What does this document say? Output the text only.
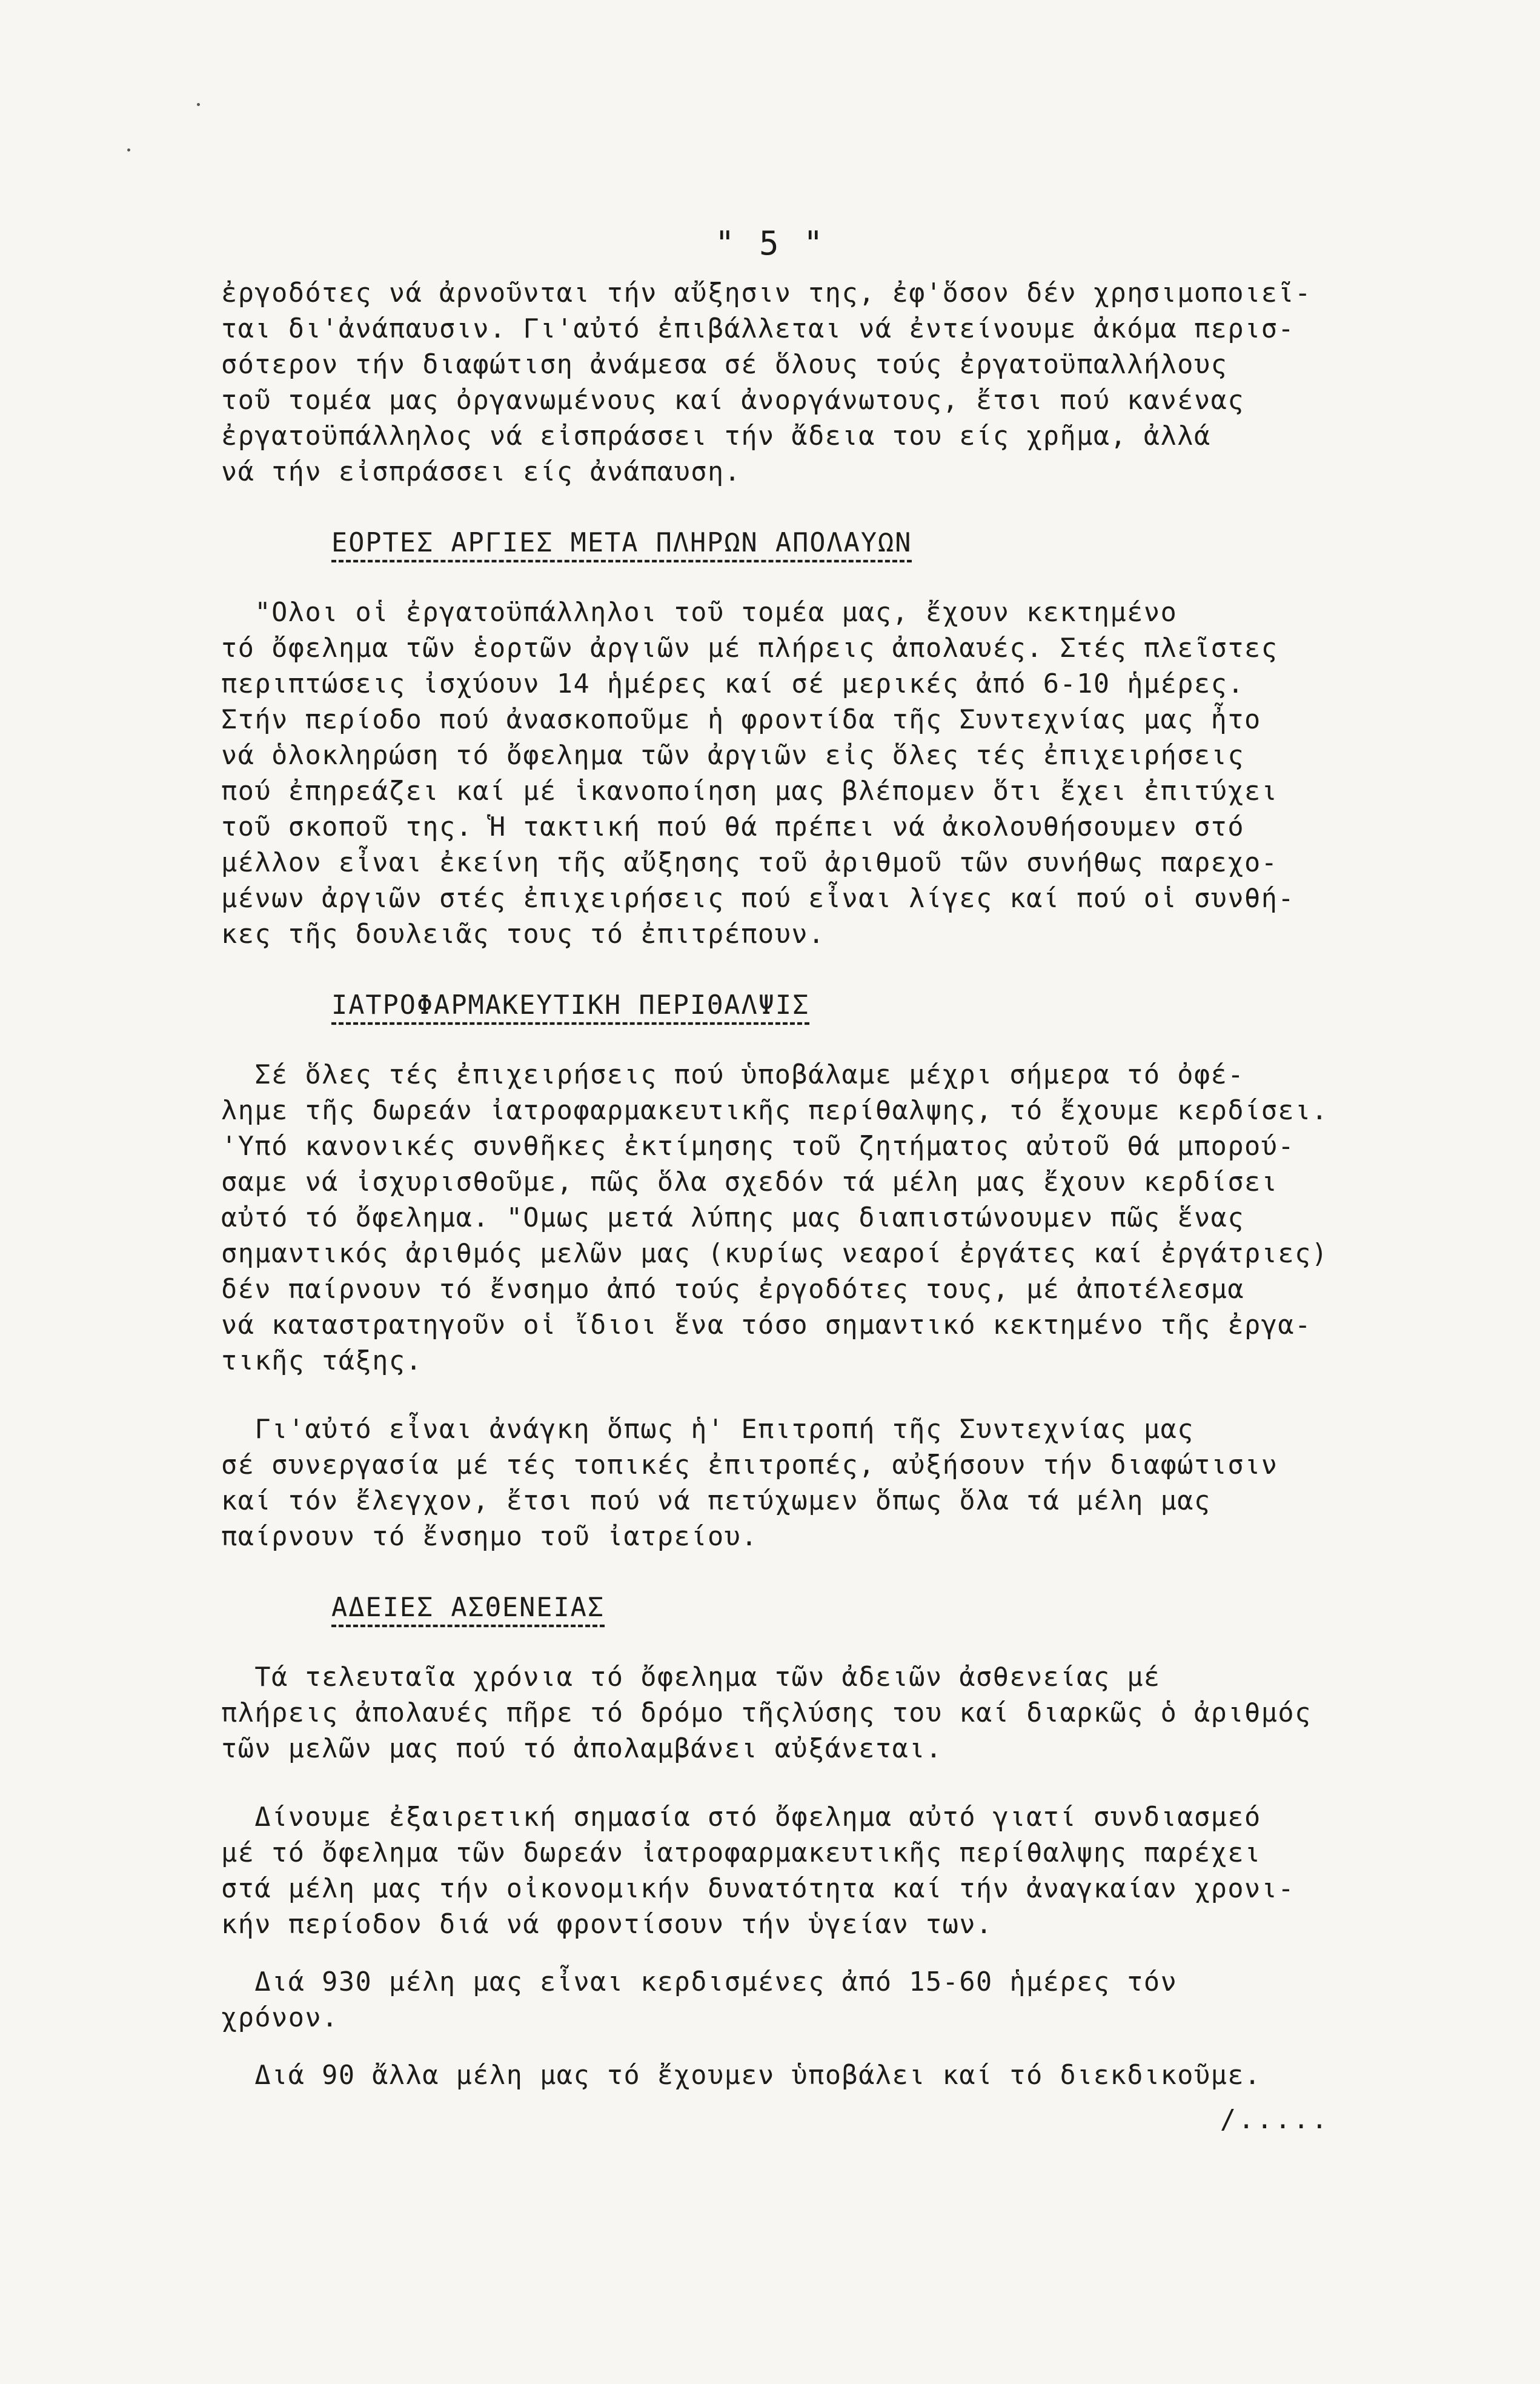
" 5 "

ἐργοδότες νά ἀρνοῦνται τήν αὔξησιν της, ἐφ'ὅσον δέν χρησιμοποιεῖ-
ται δι'ἀνάπαυσιν. Γι'αὐτό ἐπιβάλλεται νά ἐντείνουμε ἀκόμα περισ-
σότερον τήν διαφώτιση ἀνάμεσα σέ ὅλους τούς ἐργατοϋπαλλήλους
τοῦ τομέα μας ὀργανωμένους καί ἀνοργάνωτους, ἔτσι πού κανένας
ἐργατοϋπάλληλος νά εἰσπράσσει τήν ἄδεια του είς χρῆμα, ἀλλά
νά τήν εἰσπράσσει είς ἀνάπαυση.

ΕΟΡΤΕΣ ΑΡΓΙΕΣ ΜΕΤΑ ΠΛΗΡΩΝ ΑΠΟΛΑΥΩΝ

"Ολοι οἱ ἐργατοϋπάλληλοι τοῦ τομέα μας, ἔχουν κεκτημένο
τό ὄφελημα τῶν ἑορτῶν ἀργιῶν μέ πλήρεις ἀπολαυές. Στές πλεῖστες
περιπτώσεις ἰσχύουν 14 ἡμέρες καί σέ μερικές ἀπό 6-10 ἡμέρες.
Στήν περίοδο πού ἀνασκοποῦμε ἡ φροντίδα τῆς Συντεχνίας μας ἦτο
νά ὁλοκληρώση τό ὄφελημα τῶν ἀργιῶν εἰς ὅλες τές ἐπιχειρήσεις
πού ἐπηρεάζει καί μέ ἱκανοποίηση μας βλέπομεν ὅτι ἔχει ἐπιτύχει
τοῦ σκοποῦ της. Ἡ τακτική πού θά πρέπει νά ἀκολουθήσουμεν στό
μέλλον εἶναι ἐκείνη τῆς αὔξησης τοῦ ἀριθμοῦ τῶν συνήθως παρεχο-
μένων ἀργιῶν στές ἐπιχειρήσεις πού εἶναι λίγες καί πού οἱ συνθή-
κες τῆς δουλειᾶς τους τό ἐπιτρέπουν.

ΙΑΤΡΟΦΑΡΜΑΚΕΥΤΙΚΗ ΠΕΡΙΘΑΛΨΙΣ

Σέ ὅλες τές ἐπιχειρήσεις πού ὑποβάλαμε μέχρι σήμερα τό ὀφέ-
λημε τῆς δωρεάν ἰατροφαρμακευτικῆς περίθαλψης, τό ἔχουμε κερδίσει.
'Υπό κανονικές συνθῆκες ἐκτίμησης τοῦ ζητήματος αὐτοῦ θά μπορού-
σαμε νά ἰσχυρισθοῦμε, πῶς ὅλα σχεδόν τά μέλη μας ἔχουν κερδίσει
αὐτό τό ὄφελημα. "Ομως μετά λύπης μας διαπιστώνουμεν πῶς ἕνας
σημαντικός ἀριθμός μελῶν μας (κυρίως νεαροί ἐργάτες καί ἐργάτριες)
δέν παίρνουν τό ἔνσημο ἀπό τούς ἐργοδότες τους, μέ ἀποτέλεσμα
νά καταστρατηγοῦν οἱ ἴδιοι ἕνα τόσο σημαντικό κεκτημένο τῆς ἐργα-
τικῆς τάξης.

Γι'αὐτό εἶναι ἀνάγκη ὅπως ἡ' Επιτροπή τῆς Συντεχνίας μας
σέ συνεργασία μέ τές τοπικές ἐπιτροπές, αὐξήσουν τήν διαφώτισιν
καί τόν ἔλεγχον, ἔτσι πού νά πετύχωμεν ὅπως ὅλα τά μέλη μας
παίρνουν τό ἔνσημο τοῦ ἰατρείου.

ΑΔΕΙΕΣ ΑΣΘΕΝΕΙΑΣ

Τά τελευταῖα χρόνια τό ὄφελημα τῶν ἀδειῶν ἀσθενείας μέ
πλήρεις ἀπολαυές πῆρε τό δρόμο τῆςλύσης του καί διαρκῶς ὁ ἀριθμός
τῶν μελῶν μας πού τό ἀπολαμβάνει αὐξάνεται.

Δίνουμε ἐξαιρετική σημασία στό ὄφελημα αὐτό γιατί συνδιασμεό
μέ τό ὄφελημα τῶν δωρεάν ἰατροφαρμακευτικῆς περίθαλψης παρέχει
στά μέλη μας τήν οἰκονομικήν δυνατότητα καί τήν ἀναγκαίαν χρονι-
κήν περίοδον διά νά φροντίσουν τήν ὑγείαν των.

Διά 930 μέλη μας εἶναι κερδισμένες ἀπό 15-60 ἡμέρες τόν
χρόνον.

Διά 90 ἄλλα μέλη μας τό ἔχουμεν ὑποβάλει καί τό διεκδικοῦμε.

/.....
